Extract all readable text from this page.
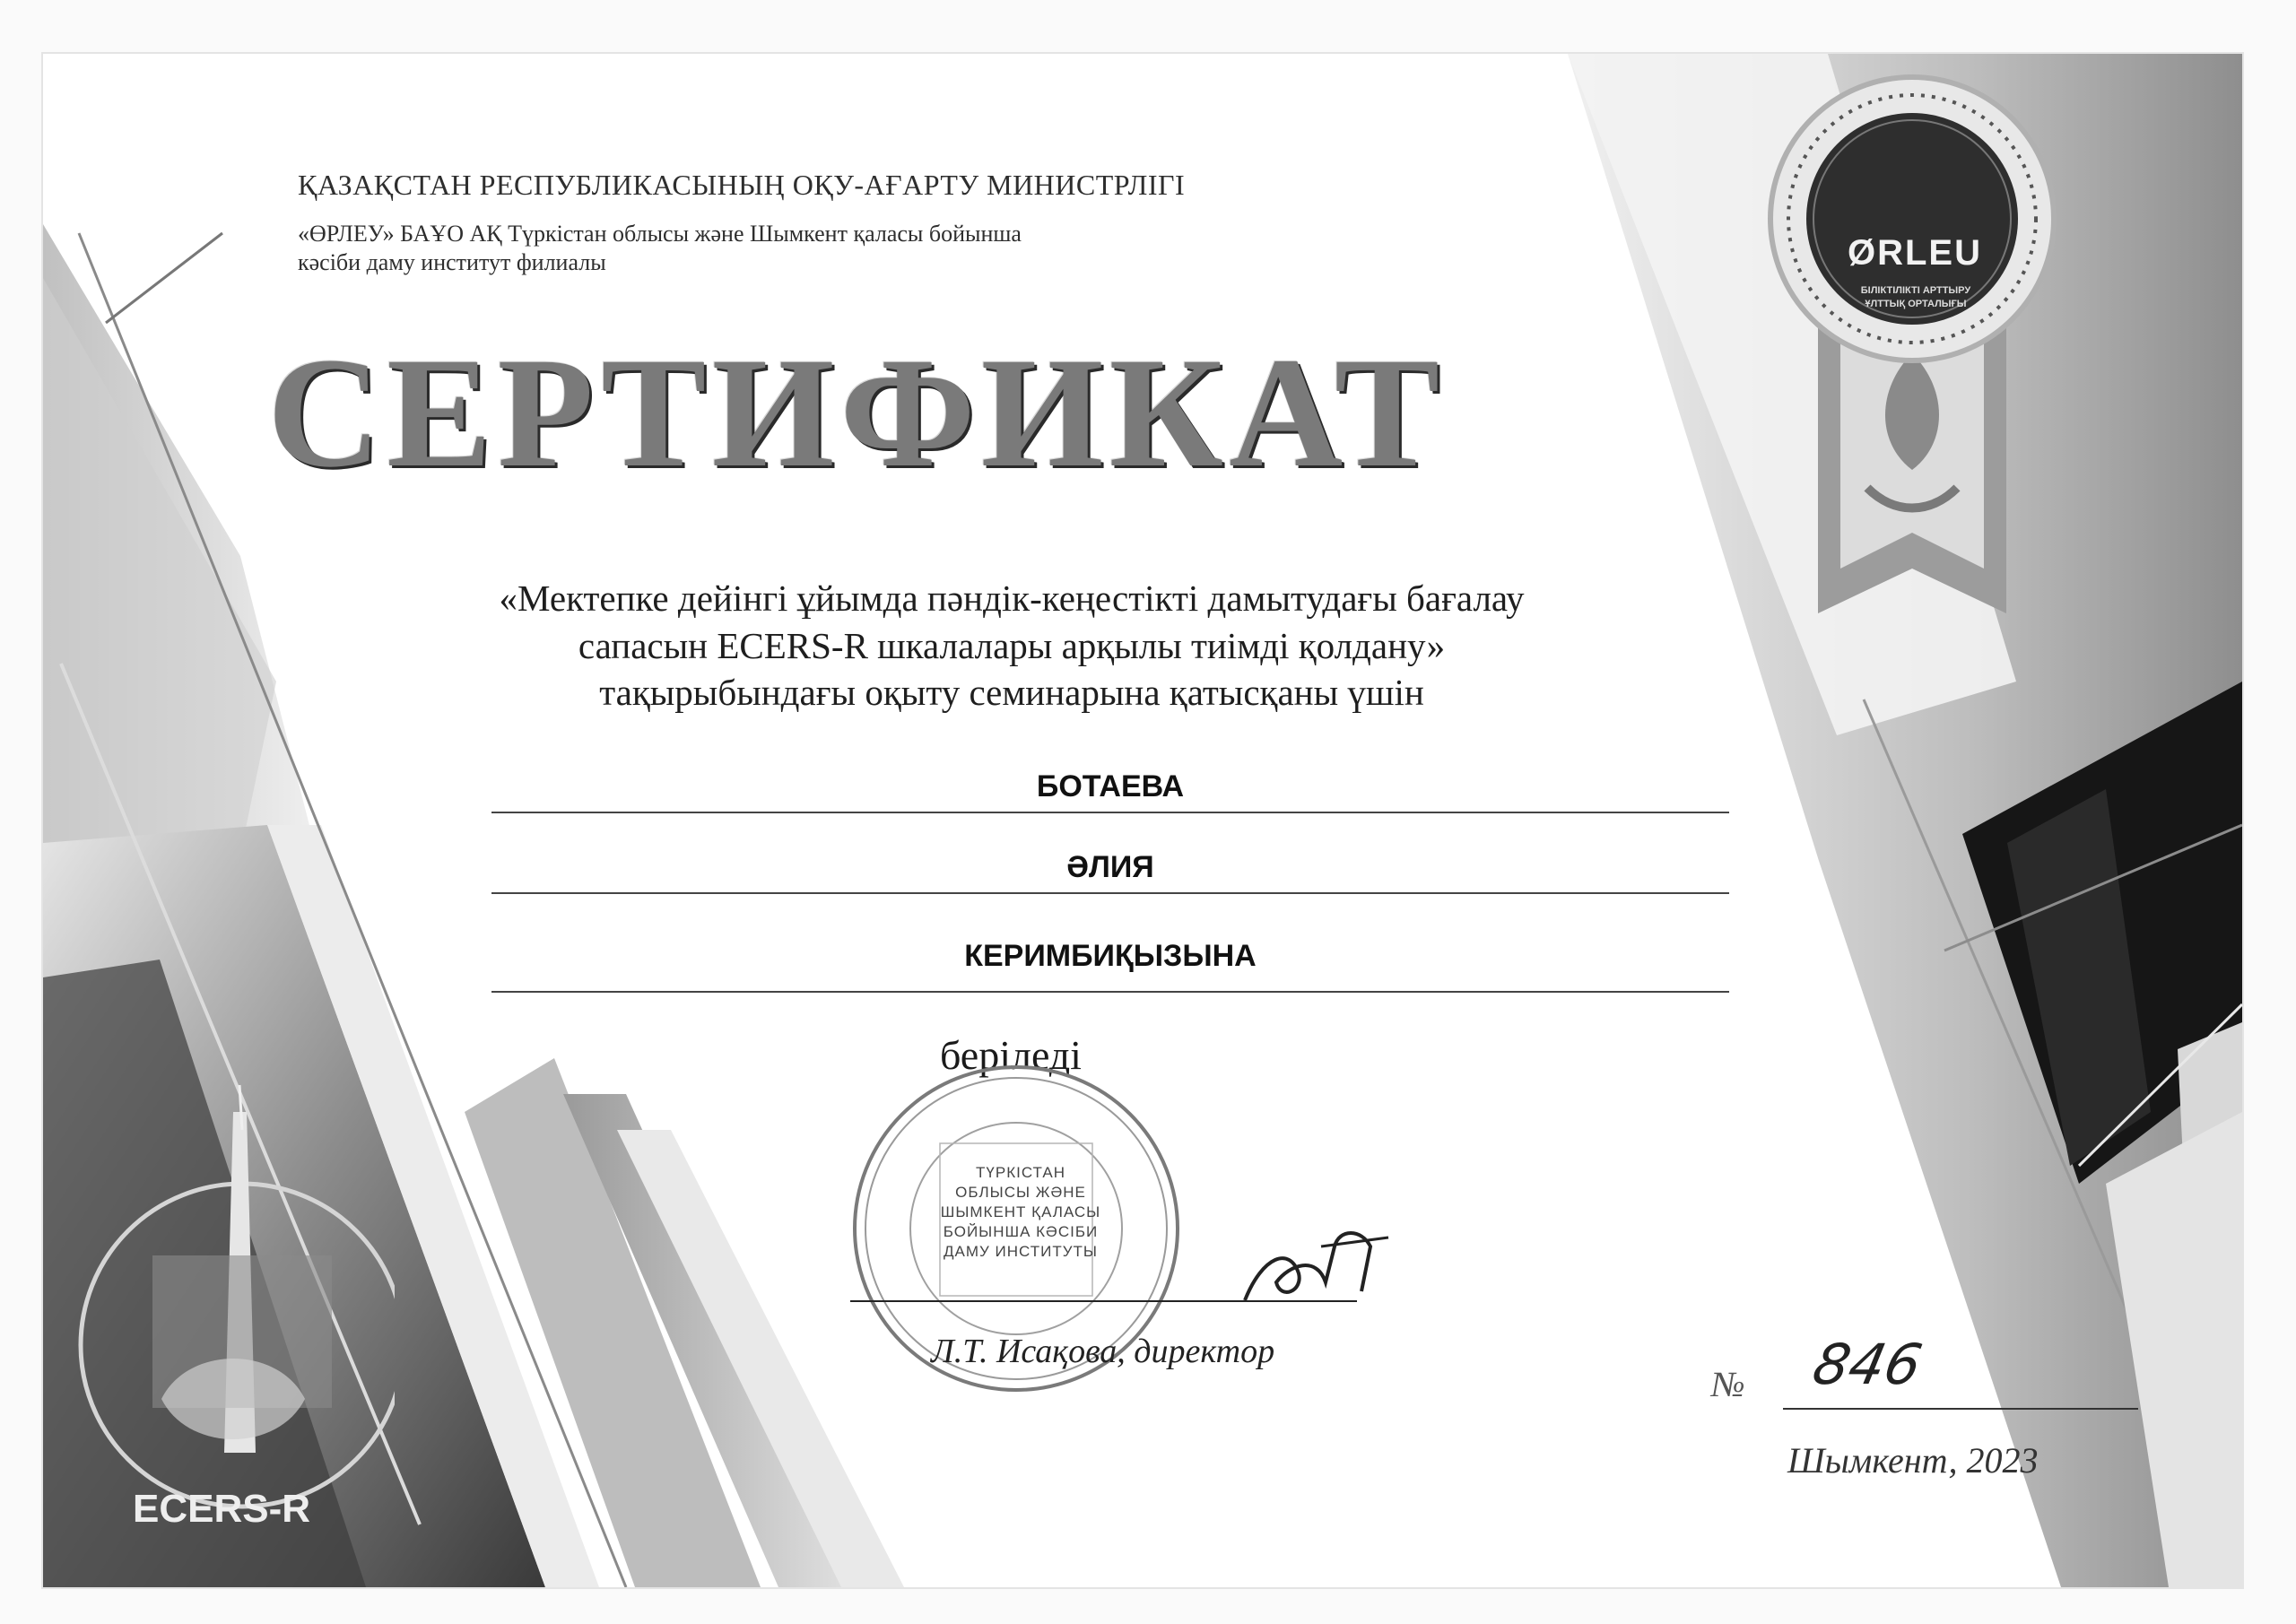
ØRLEU
БІЛІКТІЛІКТІ АРТТЫРУ
ҰЛТТЫҚ ОРТАЛЫҒЫ
ECERS-R
ҚАЗАҚСТАН РЕСПУБЛИКАСЫНЫҢ ОҚУ-АҒАРТУ МИНИСТРЛІГІ
«ӨРЛЕУ» БАҰО АҚ Түркістан облысы және Шымкент қаласы бойынша
кәсіби даму институт филиалы
СЕРТИФИКАТ
«Мектепке дейінгі ұйымда пәндік-кеңестікті дамытудағы бағалау
сапасын ECERS-R шкалалары арқылы тиімді қолдану»
тақырыбындағы оқыту семинарына қатысқаны үшін
БОТАЕВА
ӘЛИЯ
КЕРИМБИҚЫЗЫНА
беріледі
ТҮРКІСТАН
ОБЛЫСЫ ЖӘНЕ
ШЫМКЕНТ ҚАЛАСЫ
БОЙЫНША КӘСІБИ
ДАМУ ИНСТИТУТЫ
Л.Т. Исақова, директор
№ 846
Шымкент, 2023
